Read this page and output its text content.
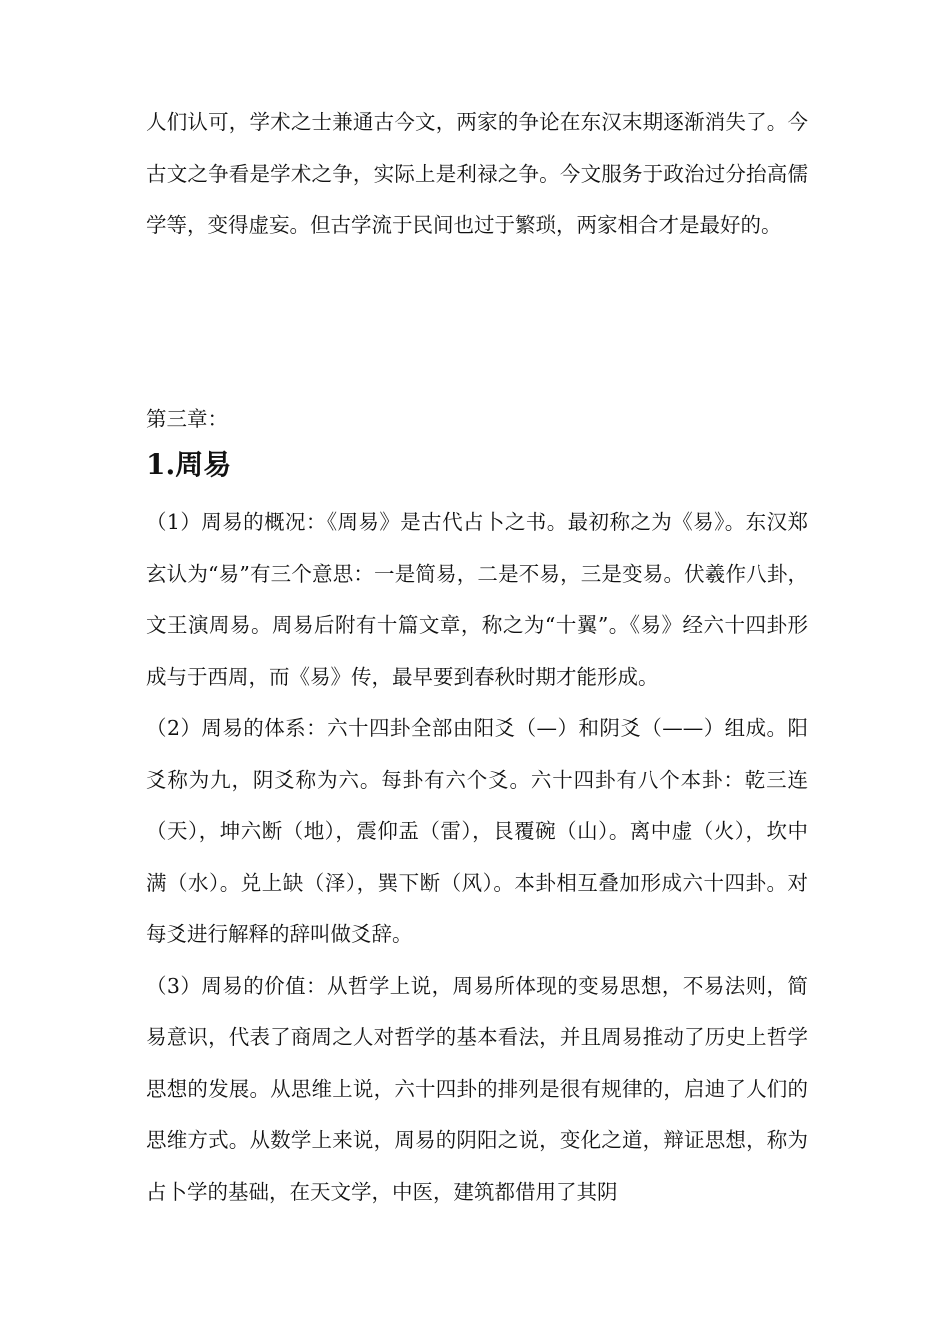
人们认可，学术之士兼通古今文，两家的争论在东汉末期逐渐消失了。今古文之争看是学术之争，实际上是利禄之争。今文服务于政治过分抬高儒学等，变得虚妄。但古学流于民间也过于繁琐，两家相合才是最好的。

第三章：
1.周易

（1）周易的概况：《周易》是古代占卜之书。最初称之为《易》。东汉郑玄认为“易”有三个意思：一是简易，二是不易，三是变易。伏羲作八卦，文王演周易。周易后附有十篇文章，称之为“十翼”。《易》经六十四卦形成与于西周，而《易》传，最早要到春秋时期才能形成。

（2）周易的体系：六十四卦全部由阳爻（—）和阴爻（——）组成。阳爻称为九，阴爻称为六。每卦有六个爻。六十四卦有八个本卦：乾三连（天），坤六断（地），震仰盂（雷），艮覆碗（山）。离中虚（火），坎中满（水）。兑上缺（泽），巽下断（风）。本卦相互叠加形成六十四卦。对每爻进行解释的辞叫做爻辞。

（3）周易的价值：从哲学上说，周易所体现的变易思想，不易法则，简易意识，代表了商周之人对哲学的基本看法，并且周易推动了历史上哲学思想的发展。从思维上说，六十四卦的排列是很有规律的，启迪了人们的思维方式。从数学上来说，周易的阴阳之说，变化之道，辩证思想，称为占卜学的基础，在天文学，中医，建筑都借用了其阴
